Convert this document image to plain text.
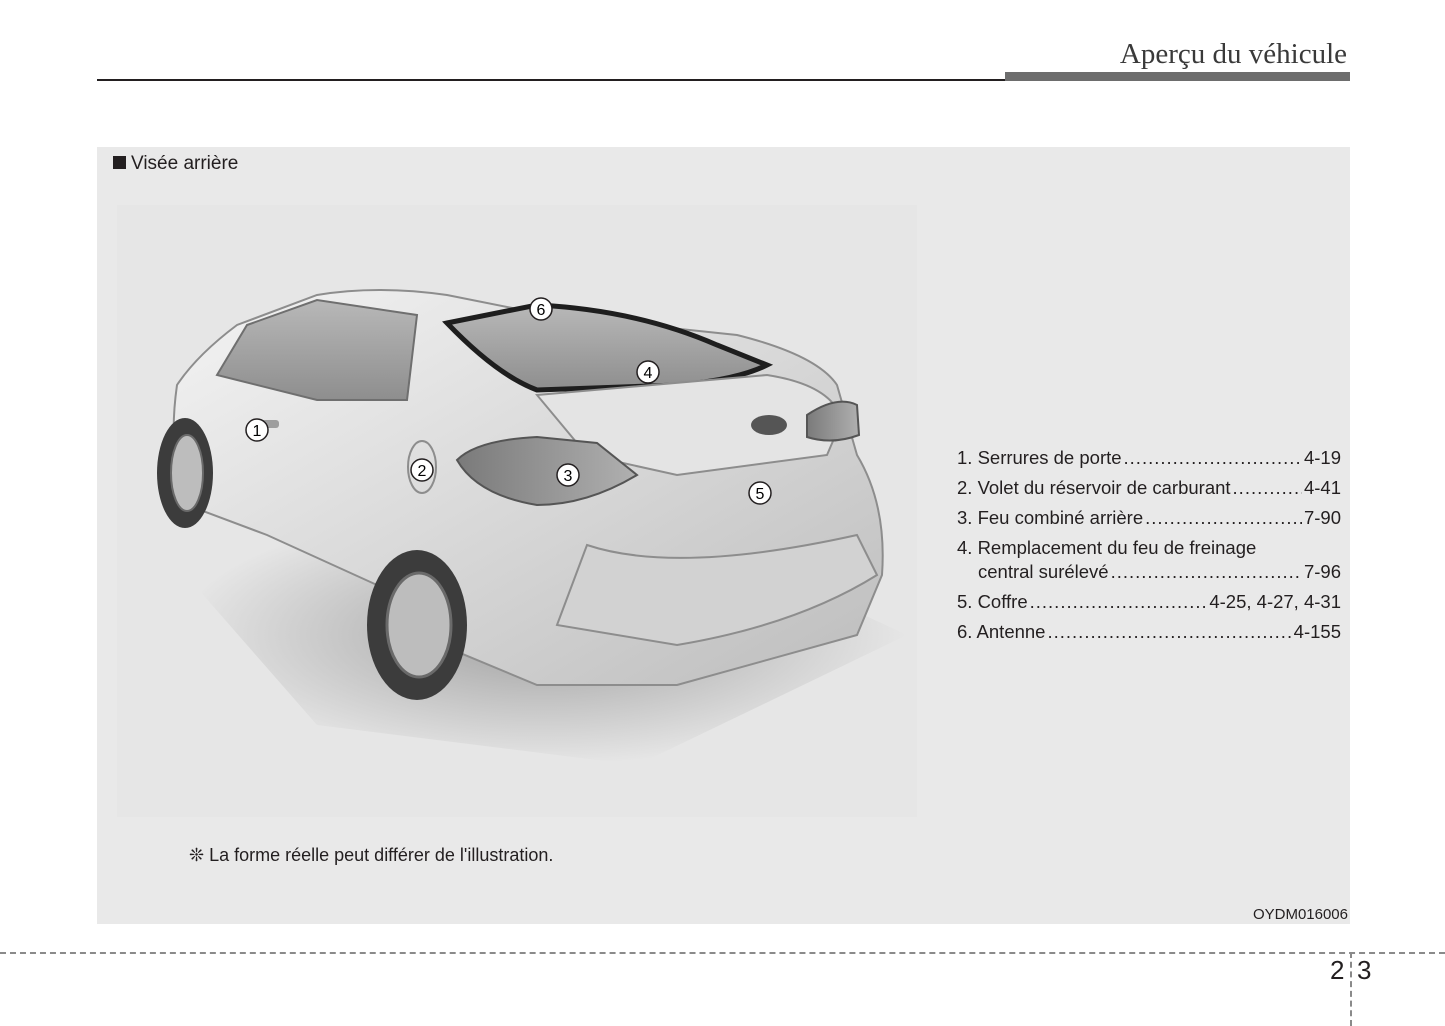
Aperçu du véhicule
Visée arrière
1
2	3
4
5
6
1. Serrures de porte .....	4-19
2. Volet du réservoir de carburant .....	4-41
3. Feu combiné arrière .....	7-90
4. Remplacement du feu de freinage
central surélevé .....	7-96
5. Coffre .....	4-25, 4-27, 4-31
6. Antenne .....	4-155
❊ La forme réelle peut différer de l'illustration.
OYDM016006
2 3
